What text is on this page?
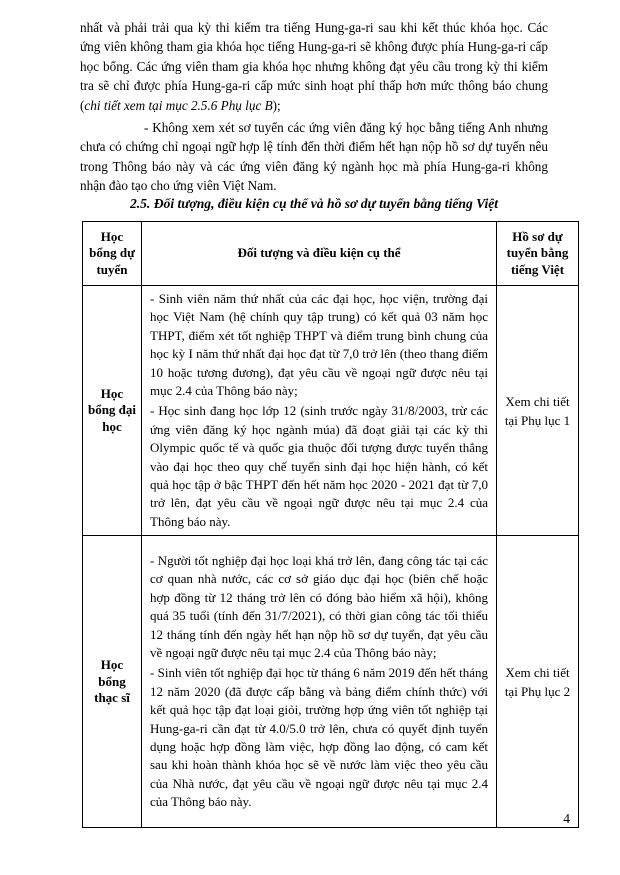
nhất và phải trải qua kỳ thi kiểm tra tiếng Hung-ga-ri sau khi kết thúc khóa học. Các ứng viên không tham gia khóa học tiếng Hung-ga-ri sẽ không được phía Hung-ga-ri cấp học bổng. Các ứng viên tham gia khóa học nhưng không đạt yêu cầu trong kỳ thi kiểm tra sẽ chỉ được phía Hung-ga-ri cấp mức sinh hoạt phí thấp hơn mức thông báo chung (chi tiết xem tại mục 2.5.6 Phụ lục B);

- Không xem xét sơ tuyển các ứng viên đăng ký học bằng tiếng Anh nhưng chưa có chứng chỉ ngoại ngữ hợp lệ tính đến thời điểm hết hạn nộp hồ sơ dự tuyển nêu trong Thông báo này và các ứng viên đăng ký ngành học mà phía Hung-ga-ri không nhận đào tạo cho ứng viên Việt Nam.

2.5. Đối tượng, điều kiện cụ thể và hồ sơ dự tuyển bằng tiếng Việt

Học bổng dự tuyển	Đối tượng và điều kiện cụ thể	Hồ sơ dự tuyển bằng tiếng Việt
Học bổng đại học	- Sinh viên năm thứ nhất của các đại học, học viện, trường đại học Việt Nam (hệ chính quy tập trung) có kết quả 03 năm học THPT, điểm xét tốt nghiệp THPT và điểm trung bình chung của học kỳ I năm thứ nhất đại học đạt từ 7,0 trở lên (theo thang điểm 10 hoặc tương đương), đạt yêu cầu về ngoại ngữ được nêu tại mục 2.4 của Thông báo này;

- Học sinh đang học lớp 12 (sinh trước ngày 31/8/2003, trừ các ứng viên đăng ký học ngành múa) đã đoạt giải tại các kỳ thi Olympic quốc tế và quốc gia thuộc đối tượng được tuyển thẳng vào đại học theo quy chế tuyển sinh đại học hiện hành, có kết quả học tập ở bậc THPT đến hết năm học 2020 - 2021 đạt từ 7,0 trở lên, đạt yêu cầu về ngoại ngữ được nêu tại mục 2.4 của Thông báo này.	Xem chi tiết tại Phụ lục 1
Học bổng thạc sĩ	- Người tốt nghiệp đại học loại khá trở lên, đang công tác tại các cơ quan nhà nước, các cơ sở giáo dục đại học (biên chế hoặc hợp đồng từ 12 tháng trở lên có đóng bảo hiểm xã hội), không quá 35 tuổi (tính đến 31/7/2021), có thời gian công tác tối thiểu 12 tháng tính đến ngày hết hạn nộp hồ sơ dự tuyển, đạt yêu cầu về ngoại ngữ được nêu tại mục 2.4 của Thông báo này;

- Sinh viên tốt nghiệp đại học từ tháng 6 năm 2019 đến hết tháng 12 năm 2020 (đã được cấp bằng và bảng điểm chính thức) với kết quả học tập đạt loại giỏi, trường hợp ứng viên tốt nghiệp tại Hung-ga-ri cần đạt từ 4.0/5.0 trở lên, chưa có quyết định tuyển dụng hoặc hợp đồng làm việc, hợp đồng lao động, có cam kết sau khi hoàn thành khóa học sẽ về nước làm việc theo yêu cầu của Nhà nước, đạt yêu cầu về ngoại ngữ được nêu tại mục 2.4 của Thông báo này.	Xem chi tiết tại Phụ lục 2
4
